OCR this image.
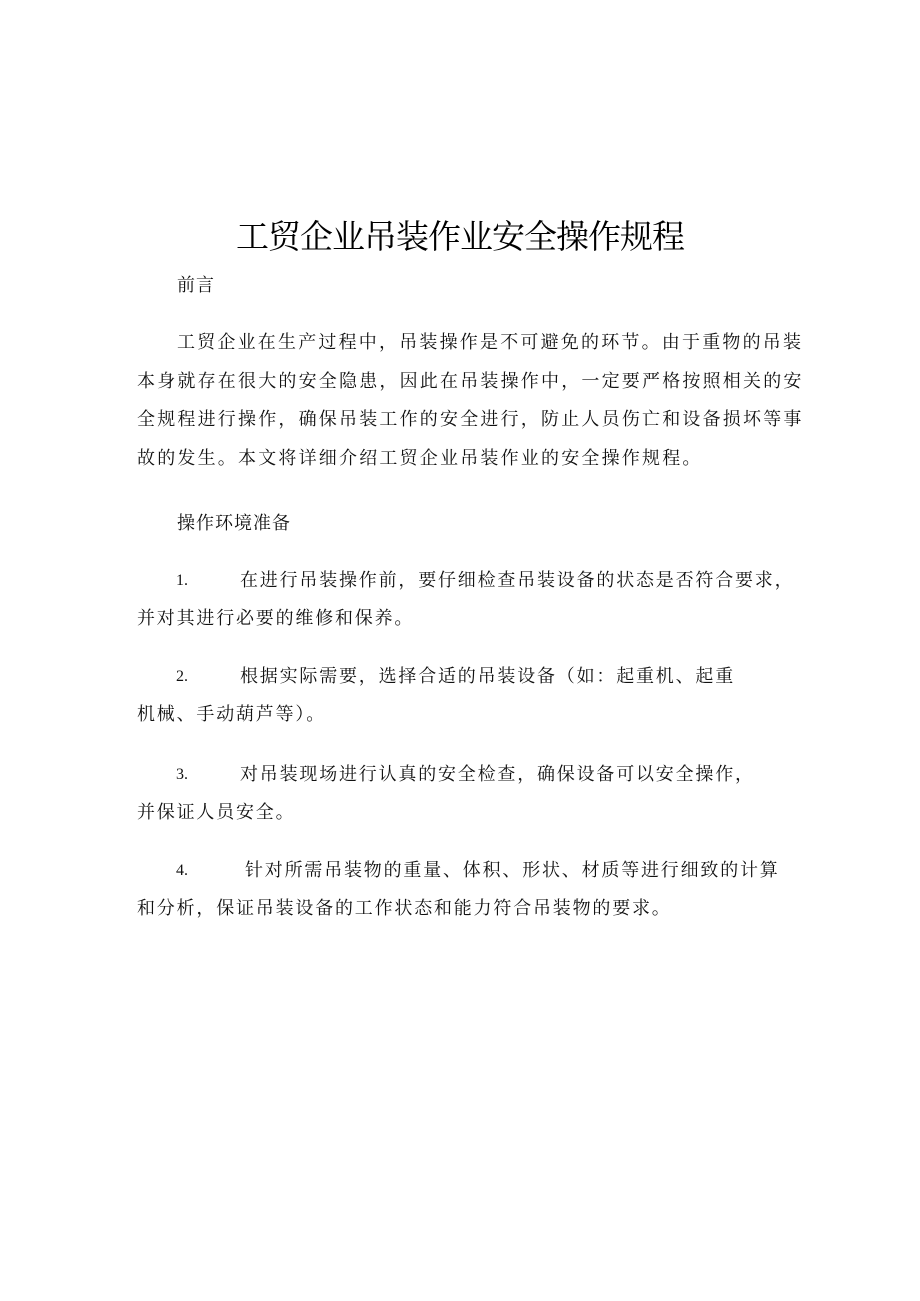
工贸企业吊装作业安全操作规程
前言
工贸企业在生产过程中，吊装操作是不可避免的环节。由于重物的吊装
本身就存在很大的安全隐患，因此在吊装操作中，一定要严格按照相关的安
全规程进行操作，确保吊装工作的安全进行，防止人员伤亡和设备损坏等事
故的发生。本文将详细介绍工贸企业吊装作业的安全操作规程。
操作环境准备
1.	在进行吊装操作前，要仔细检查吊装设备的状态是否符合要求，
并对其进行必要的维修和保养。
2.	根据实际需要，选择合适的吊装设备（如：起重机、起重
机械、手动葫芦等）。
3.	对吊装现场进行认真的安全检查，确保设备可以安全操作，
并保证人员安全。
4.	针对所需吊装物的重量、体积、形状、材质等进行细致的计算
和分析，保证吊装设备的工作状态和能力符合吊装物的要求。
